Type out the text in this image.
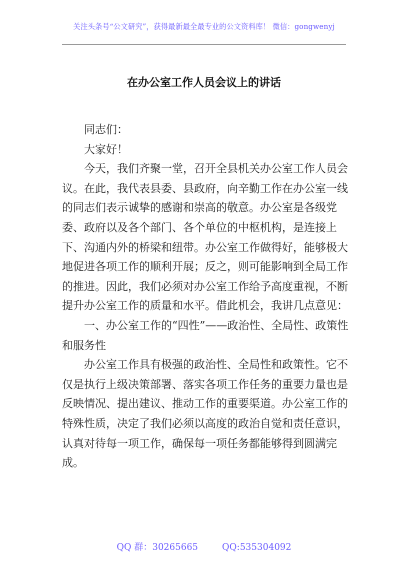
关注头条号“公文研究”，获得最新最全最专业的公文资料库！ 微信：gongwenyj
在办公室工作人员会议上的讲话

同志们：

大家好！

今天，我们齐聚一堂，召开全县机关办公室工作人员会议。在此，我代表县委、县政府，向辛勤工作在办公室一线的同志们表示诚挚的感谢和崇高的敬意。办公室是各级党委、政府以及各个部门、各个单位的中枢机构，是连接上下、沟通内外的桥梁和纽带。办公室工作做得好，能够极大地促进各项工作的顺利开展；反之，则可能影响到全局工作的推进。因此，我们必须对办公室工作给予高度重视，不断提升办公室工作的质量和水平。借此机会，我讲几点意见：

一、办公室工作的“四性”——政治性、全局性、政策性和服务性

办公室工作具有极强的政治性、全局性和政策性。它不仅是执行上级决策部署、落实各项工作任务的重要力量也是反映情况、提出建议、推动工作的重要渠道。办公室工作的特殊性质，决定了我们必须以高度的政治自觉和责任意识，认真对待每一项工作，确保每一项任务都能够得到圆满完成。

QQ 群：30265665	QQ:535304092
